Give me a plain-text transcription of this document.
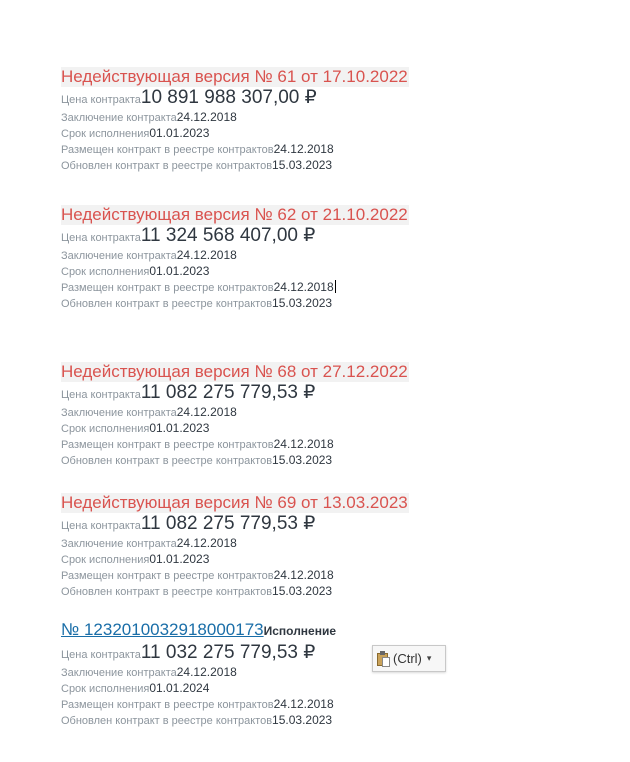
Недействующая версия № 61 от 17.10.2022
Цена контракта10 891 988 307,00 ₽
Заключение контракта24.12.2018
Срок исполнения01.01.2023
Размещен контракт в реестре контрактов24.12.2018
Обновлен контракт в реестре контрактов15.03.2023
Недействующая версия № 62 от 21.10.2022
Цена контракта11 324 568 407,00 ₽
Заключение контракта24.12.2018
Срок исполнения01.01.2023
Размещен контракт в реестре контрактов24.12.2018
Обновлен контракт в реестре контрактов15.03.2023
Недействующая версия № 68 от 27.12.2022
Цена контракта11 082 275 779,53 ₽
Заключение контракта24.12.2018
Срок исполнения01.01.2023
Размещен контракт в реестре контрактов24.12.2018
Обновлен контракт в реестре контрактов15.03.2023
Недействующая версия № 69 от 13.03.2023
Цена контракта11 082 275 779,53 ₽
Заключение контракта24.12.2018
Срок исполнения01.01.2023
Размещен контракт в реестре контрактов24.12.2018
Обновлен контракт в реестре контрактов15.03.2023
№ 1232010032918000173Исполнение
Цена контракта11 032 275 779,53 ₽
Заключение контракта24.12.2018
Срок исполнения01.01.2024
Размещен контракт в реестре контрактов24.12.2018
Обновлен контракт в реестре контрактов15.03.2023
(Ctrl) ▾
